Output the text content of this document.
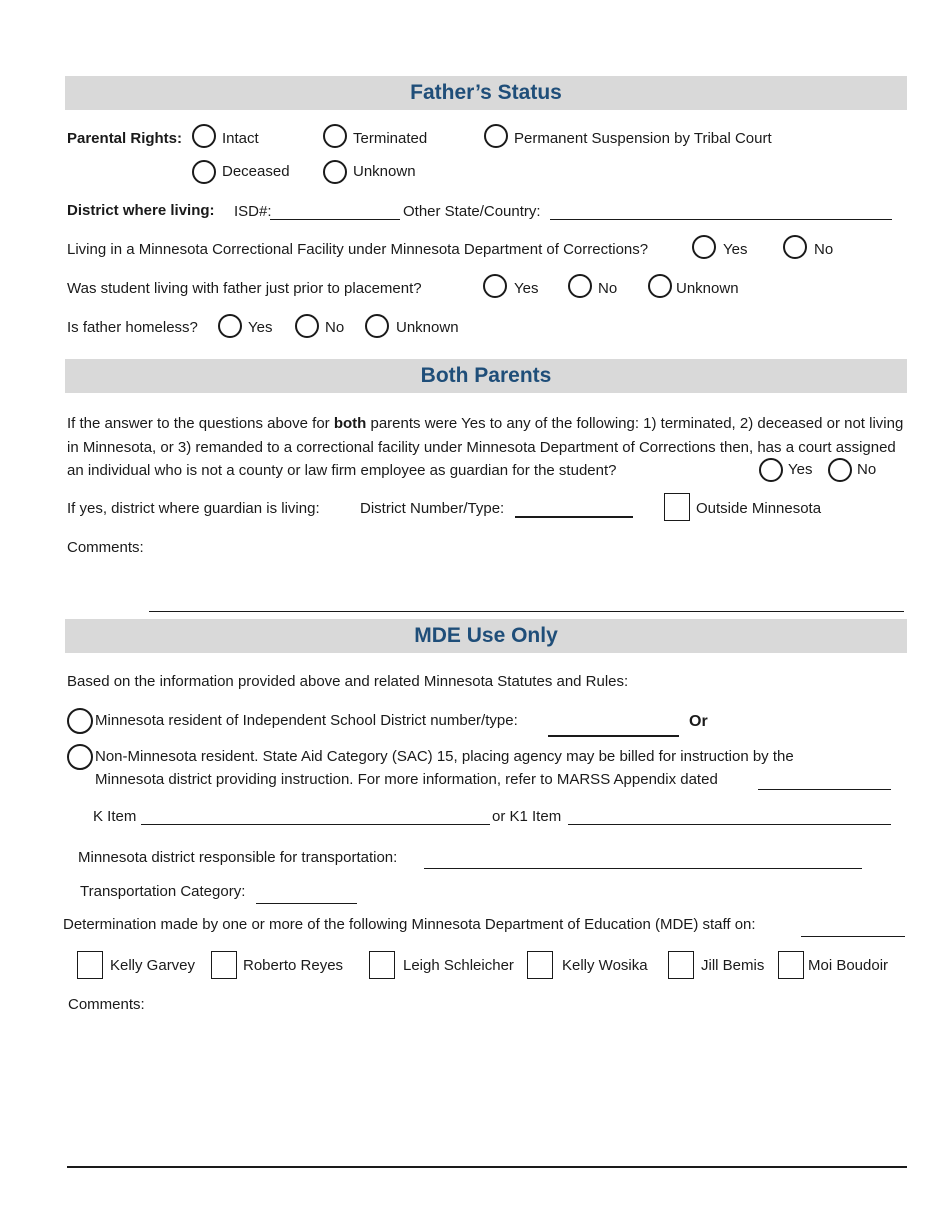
Father’s Status
Parental Rights:	Intact	Terminated	Permanent Suspension by Tribal Court
Deceased	Unknown
District where living: ISD#:	Other State/Country:
Living in a Minnesota Correctional Facility under Minnesota Department of Corrections?	Yes	No
Was student living with father just prior to placement?	Yes	No	Unknown
Is father homeless?	Yes	No	Unknown
Both Parents
If the answer to the questions above for both parents were Yes to any of the following: 1) terminated, 2) deceased or not living in Minnesota, or 3) remanded to a correctional facility under Minnesota Department of Corrections then, has a court assigned an individual who is not a county or law firm employee as guardian for the student?	Yes	No
If yes, district where guardian is living:	District Number/Type:	Outside Minnesota
Comments:
MDE Use Only
Based on the information provided above and related Minnesota Statutes and Rules:
Minnesota resident of Independent School District number/type:	Or
Non-Minnesota resident. State Aid Category (SAC) 15, placing agency may be billed for instruction by the
Minnesota district providing instruction. For more information, refer to MARSS Appendix dated
K Item	or K1 Item
Minnesota district responsible for transportation:
Transportation Category:
Determination made by one or more of the following Minnesota Department of Education (MDE) staff on:
Kelly Garvey	Roberto Reyes	Leigh Schleicher	Kelly Wosika	Jill Bemis	Moi Boudoir
Comments:
